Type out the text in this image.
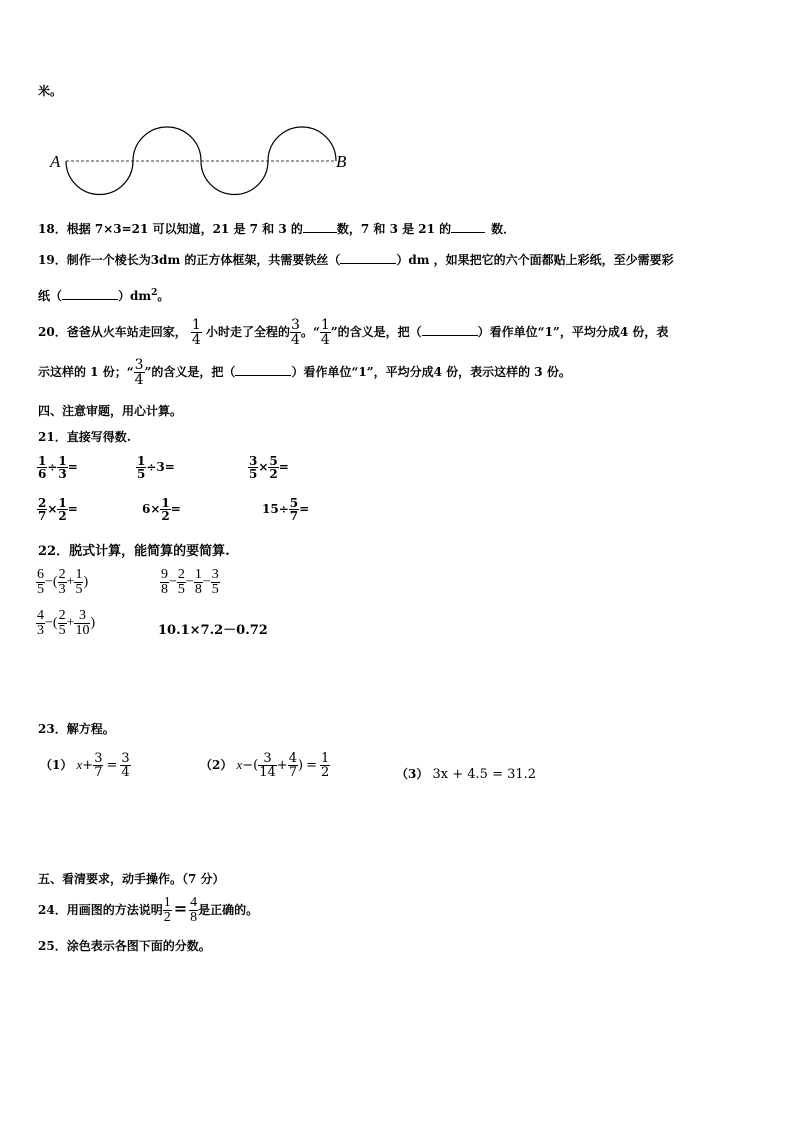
米。
A	B
18．根据 7×3=21 可以知道，21 是 7 和 3 的	数，7 和 3 是 21 的	数．
19．制作一个棱长为3dm 的正方体框架，共需要铁丝（	）dm ，如果把它的六个面都贴上彩纸，至少需要彩
纸（	）$dm^2$。
20．爸爸从火车站走回家， $\frac{1}{4}$ 小时走了全程的 $\frac{3}{4}$ 。“ $\frac{1}{4}$ ”的含义是，把（	）看作单位“1”，平均分成4 份，表
示这样的 1 份；“ $\frac{3}{4}$ ”的含义是，把（	）看作单位“1”，平均分成4 份，表示这样的 3 份。
四、注意审题，用心计算。
21．直接写得数.
$\frac{1}{6} \div \frac{1}{3}$ =	$\frac{1}{5} \div 3=$	$\frac{3}{5} \times \frac{5}{2}$ =
$\frac{2}{7} \times \frac{1}{2}$ =	$6\times \frac{1}{2}$ =	$15\div \frac{5}{7}$ =
22．脱式计算，能简算的要简算.
$\frac{6}{5}$ −( $\frac{2}{3} + \frac{1}{5}$ )	$\frac{9}{8} - \frac{2}{5} - \frac{1}{8} - \frac{3}{5}$
$\frac{4}{3}$ −( $\frac{2}{5} + \frac{3}{10}$ )	10.1×7.2－0.72
23．解方程。
（1） $x+ \frac{3}{7} = \frac{3}{4}$	（2） $x-( \frac{3}{14} + \frac{4}{7}$ ) = $\frac{1}{2}$	（3） 3x + 4.5 = 31.2
五、看清要求，动手操作。（7 分）
24．用画图的方法说明 $\frac{1}{2} = \frac{4}{8}$ 是正确的。
25．涂色表示各图下面的分数。
